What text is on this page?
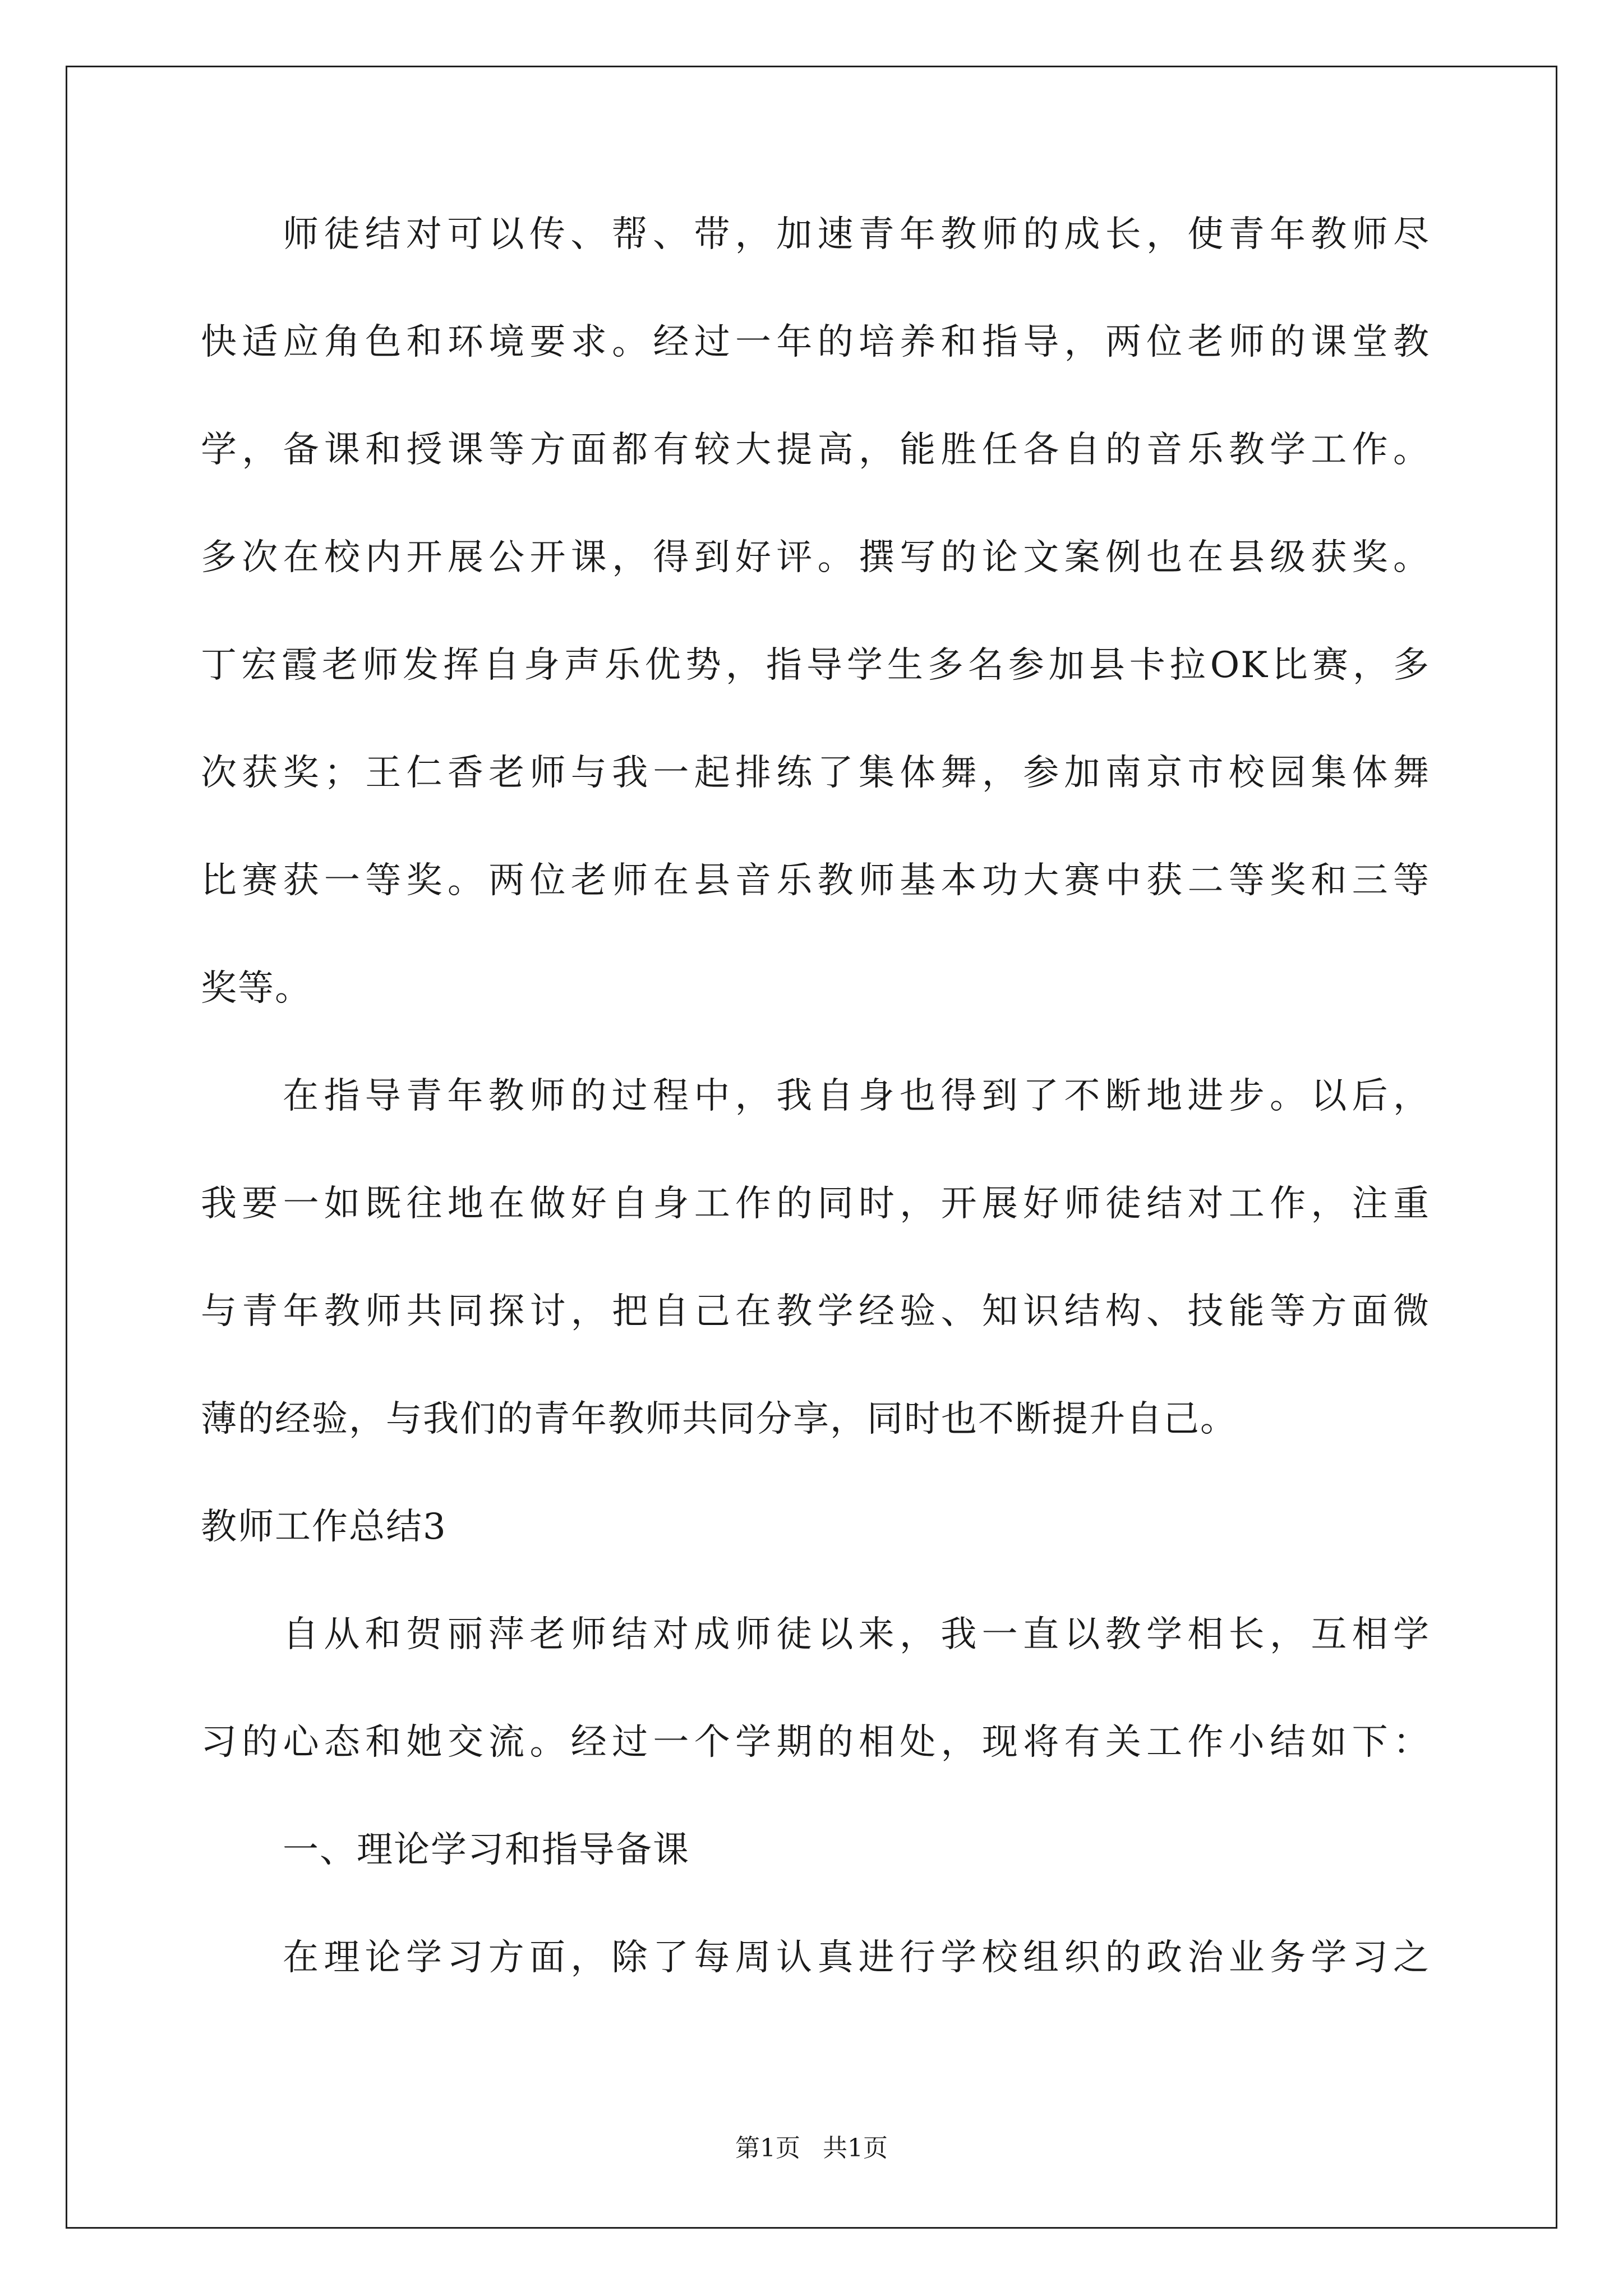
师徒结对可以传、帮、带，加速青年教师的成长，使青年教师尽
快适应角色和环境要求。经过一年的培养和指导，两位老师的课堂教
学，备课和授课等方面都有较大提高，能胜任各自的音乐教学工作。
多次在校内开展公开课，得到好评。撰写的论文案例也在县级获奖。
丁宏霞老师发挥自身声乐优势，指导学生多名参加县卡拉OK比赛，多
次获奖；王仁香老师与我一起排练了集体舞，参加南京市校园集体舞
比赛获一等奖。两位老师在县音乐教师基本功大赛中获二等奖和三等
奖等。
在指导青年教师的过程中，我自身也得到了不断地进步。以后，
我要一如既往地在做好自身工作的同时，开展好师徒结对工作，注重
与青年教师共同探讨，把自己在教学经验、知识结构、技能等方面微
薄的经验，与我们的青年教师共同分享，同时也不断提升自己。
教师工作总结3
自从和贺丽萍老师结对成师徒以来，我一直以教学相长，互相学
习的心态和她交流。经过一个学期的相处，现将有关工作小结如下：
一、理论学习和指导备课
在理论学习方面，除了每周认真进行学校组织的政治业务学习之
第1页 共1页
